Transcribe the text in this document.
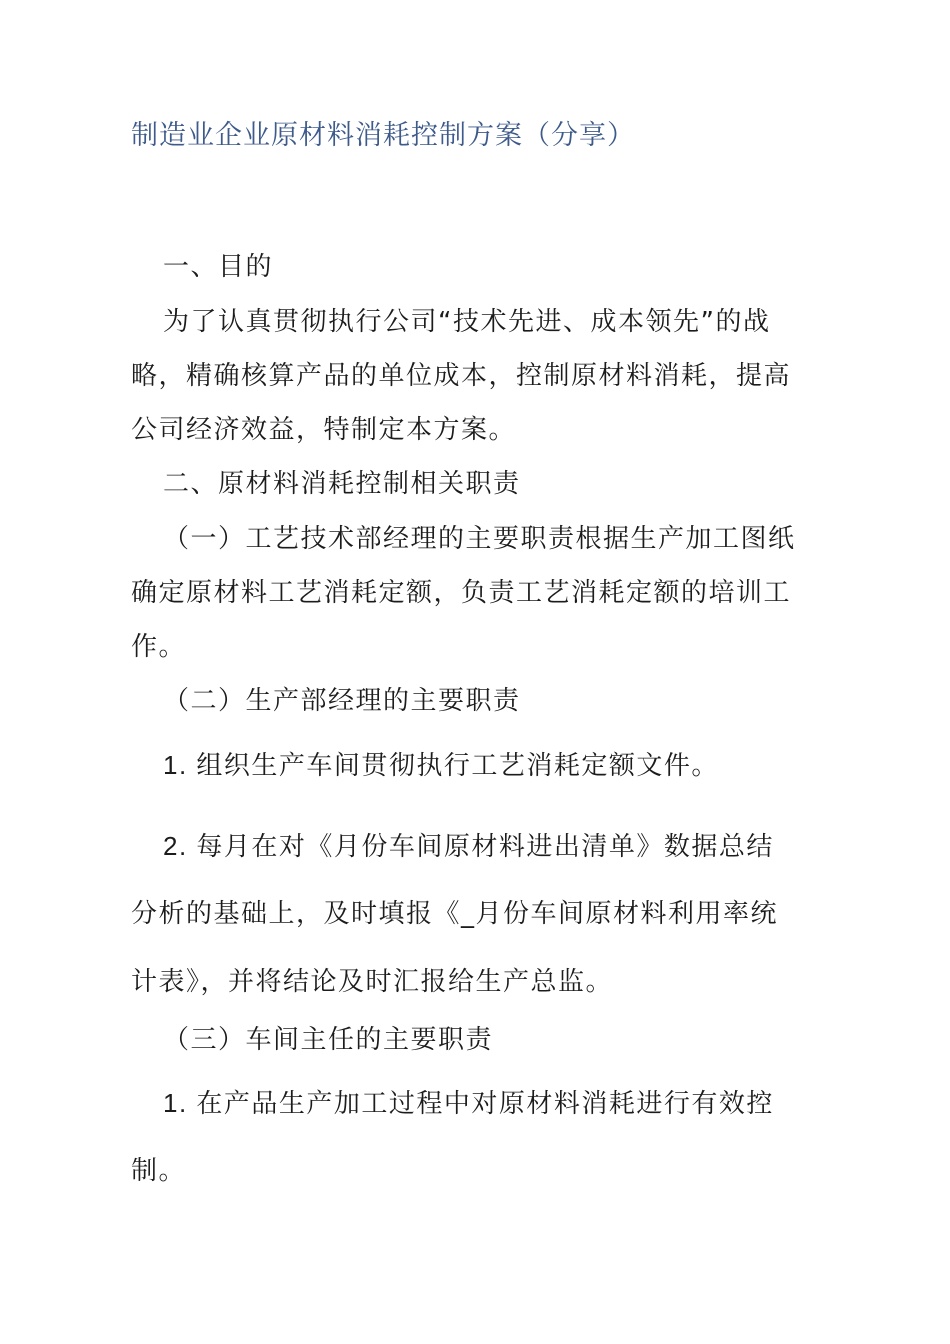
制造业企业原材料消耗控制方案（分享）
一、目的
为了认真贯彻执行公司“技术先进、成本领先”的战
略，精确核算产品的单位成本，控制原材料消耗，提高
公司经济效益，特制定本方案。
二、原材料消耗控制相关职责
（一）工艺技术部经理的主要职责根据生产加工图纸
确定原材料工艺消耗定额，负责工艺消耗定额的培训工
作。
（二）生产部经理的主要职责
1. 组织生产车间贯彻执行工艺消耗定额文件。
2. 每月在对《月份车间原材料进出清单》数据总结
分析的基础上，及时填报《_月份车间原材料利用率统
计表》，并将结论及时汇报给生产总监。
（三）车间主任的主要职责
1. 在产品生产加工过程中对原材料消耗进行有效控
制。
